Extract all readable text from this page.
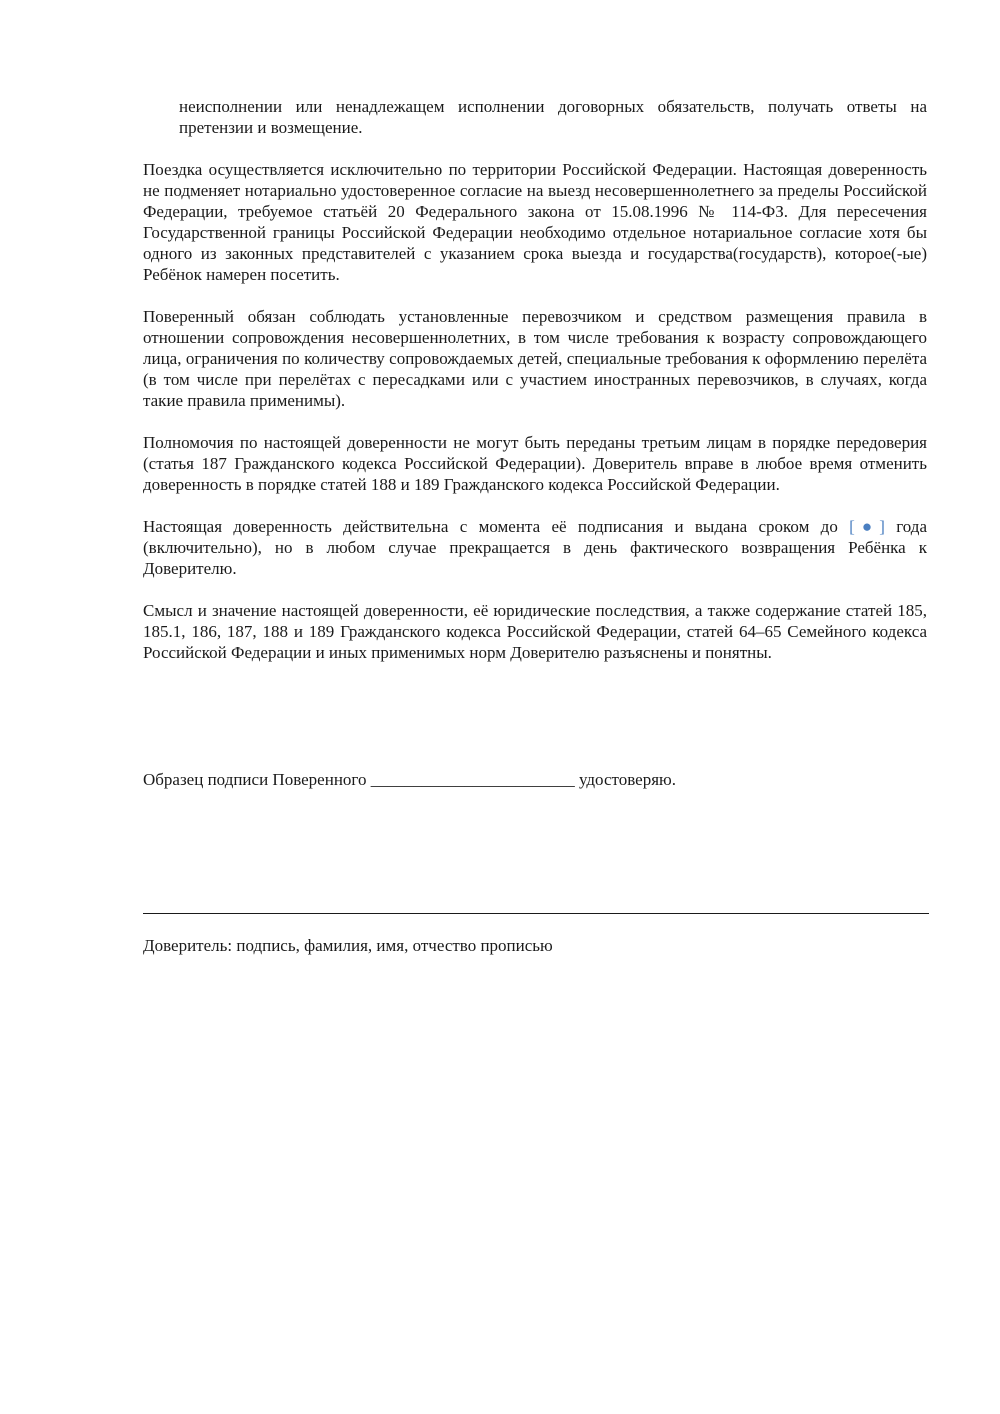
неисполнении или ненадлежащем исполнении договорных обязательств, получать ответы на претензии и возмещение.

Поездка осуществляется исключительно по территории Российской Федерации. Настоящая доверенность не подменяет нотариально удостоверенное согласие на выезд несовершеннолетнего за пределы Российской Федерации, требуемое статьёй 20 Федерального закона от 15.08.1996 № 114-ФЗ. Для пересечения Государственной границы Российской Федерации необходимо отдельное нотариальное согласие хотя бы одного из законных представителей с указанием срока выезда и государства(государств), которое(-ые) Ребёнок намерен посетить.

Поверенный обязан соблюдать установленные перевозчиком и средством размещения правила в отношении сопровождения несовершеннолетних, в том числе требования к возрасту сопровождающего лица, ограничения по количеству сопровождаемых детей, специальные требования к оформлению перелёта (в том числе при перелётах с пересадками или с участием иностранных перевозчиков, в случаях, когда такие правила применимы).

Полномочия по настоящей доверенности не могут быть переданы третьим лицам в порядке передоверия (статья 187 Гражданского кодекса Российской Федерации). Доверитель вправе в любое время отменить доверенность в порядке статей 188 и 189 Гражданского кодекса Российской Федерации.

Настоящая доверенность действительна с момента её подписания и выдана сроком до [●] года (включительно), но в любом случае прекращается в день фактического возвращения Ребёнка к Доверителю.

Смысл и значение настоящей доверенности, её юридические последствия, а также содержание статей 185, 185.1, 186, 187, 188 и 189 Гражданского кодекса Российской Федерации, статей 64–65 Семейного кодекса Российской Федерации и иных применимых норм Доверителю разъяснены и понятны.

Образец подписи Поверенного ________________________ удостоверяю.
Доверитель: подпись, фамилия, имя, отчество прописью
